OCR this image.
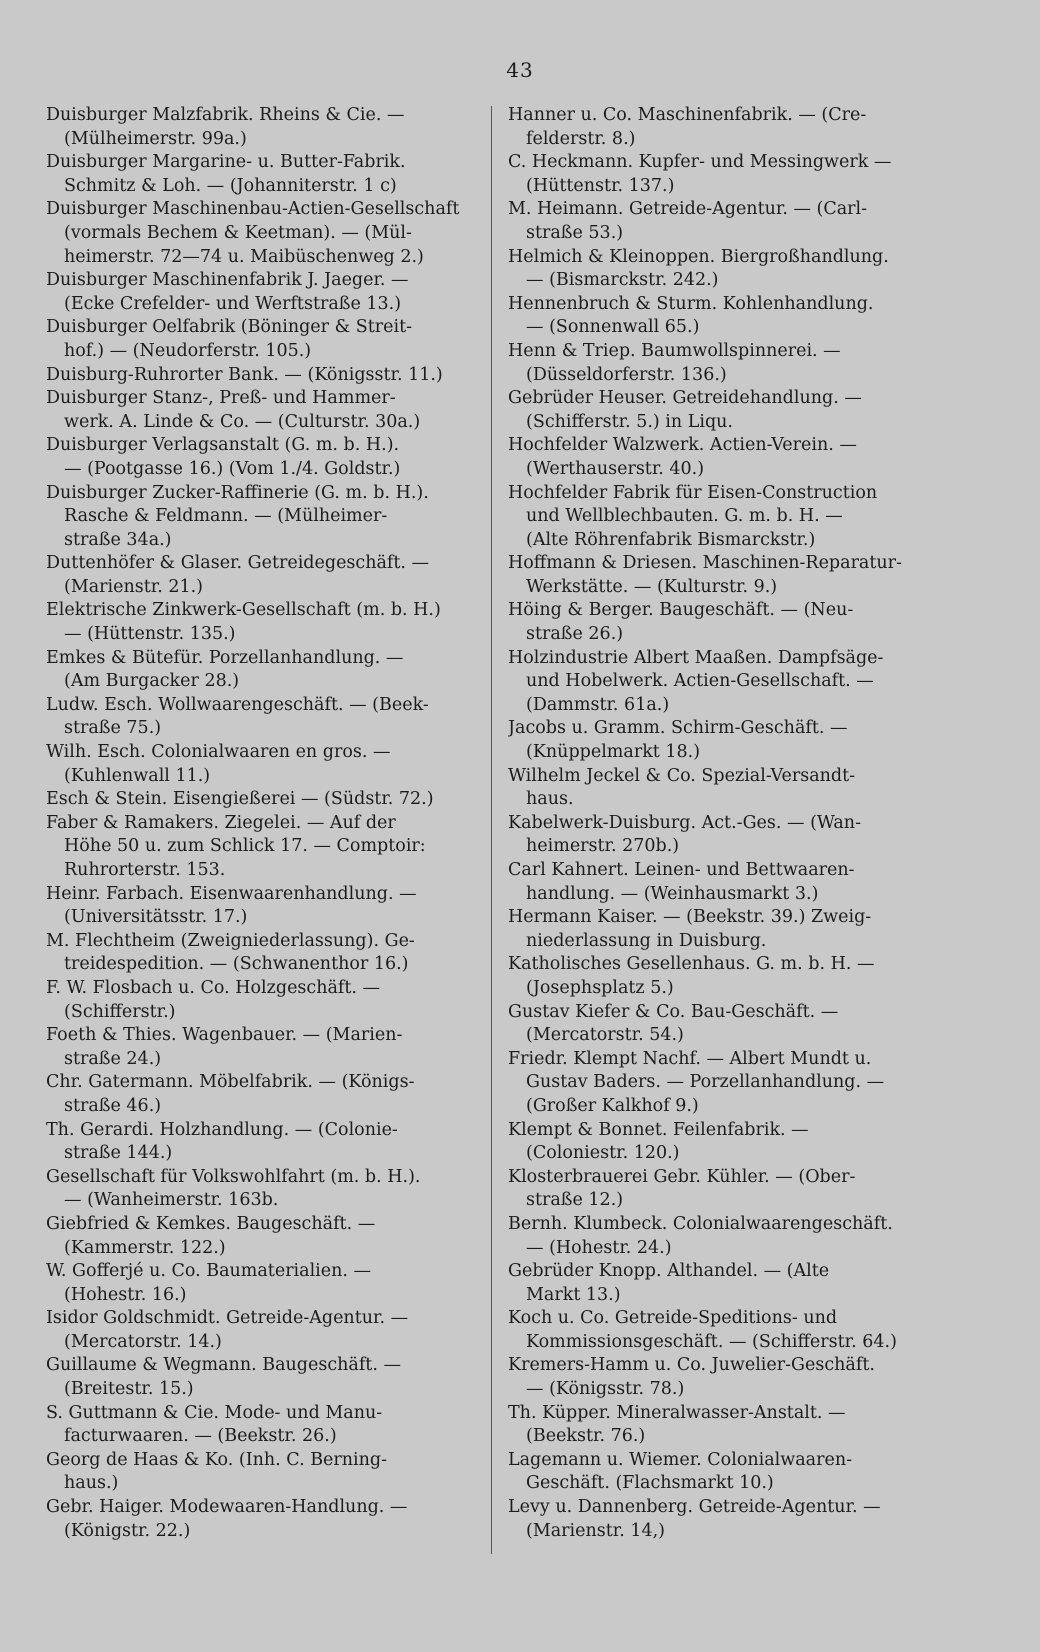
43
Duisburger Malzfabrik. Rheins & Cie. —
(Mülheimerstr. 99a.)
Duisburger Margarine- u. Butter-Fabrik.
Schmitz & Loh. — (Johanniterstr. 1 c)
Duisburger Maschinenbau-Actien-Gesellschaft
(vormals Bechem & Keetman). — (Mül-
heimerstr. 72—74 u. Maibüschenweg 2.)
Duisburger Maschinenfabrik J. Jaeger. —
(Ecke Crefelder- und Werftstraße 13.)
Duisburger Oelfabrik (Böninger & Streit-
hof.) — (Neudorferstr. 105.)
Duisburg-Ruhrorter Bank. — (Königsstr. 11.)
Duisburger Stanz-, Preß- und Hammer-
werk. A. Linde & Co. — (Culturstr. 30a.)
Duisburger Verlagsanstalt (G. m. b. H.).
— (Pootgasse 16.) (Vom 1./4. Goldstr.)
Duisburger Zucker-Raffinerie (G. m. b. H.).
Rasche & Feldmann. — (Mülheimer-
straße 34a.)
Duttenhöfer & Glaser. Getreidegeschäft. —
(Marienstr. 21.)
Elektrische Zinkwerk-Gesellschaft (m. b. H.)
— (Hüttenstr. 135.)
Emkes & Bütefür. Porzellanhandlung. —
(Am Burgacker 28.)
Ludw. Esch. Wollwaarengeschäft. — (Beek-
straße 75.)
Wilh. Esch. Colonialwaaren en gros. —
(Kuhlenwall 11.)
Esch & Stein. Eisengießerei — (Südstr. 72.)
Faber & Ramakers. Ziegelei. — Auf der
Höhe 50 u. zum Schlick 17. — Comptoir:
Ruhrorterstr. 153.
Heinr. Farbach. Eisenwaarenhandlung. —
(Universitätsstr. 17.)
M. Flechtheim (Zweigniederlassung). Ge-
treidespedition. — (Schwanenthor 16.)
F. W. Flosbach u. Co. Holzgeschäft. —
(Schifferstr.)
Foeth & Thies. Wagenbauer. — (Marien-
straße 24.)
Chr. Gatermann. Möbelfabrik. — (Königs-
straße 46.)
Th. Gerardi. Holzhandlung. — (Colonie-
straße 144.)
Gesellschaft für Volkswohlfahrt (m. b. H.).
— (Wanheimerstr. 163b.
Giebfried & Kemkes. Baugeschäft. —
(Kammerstr. 122.)
W. Gofferjé u. Co. Baumaterialien. —
(Hohestr. 16.)
Isidor Goldschmidt. Getreide-Agentur. —
(Mercatorstr. 14.)
Guillaume & Wegmann. Baugeschäft. —
(Breitestr. 15.)
S. Guttmann & Cie. Mode- und Manu-
facturwaaren. — (Beekstr. 26.)
Georg de Haas & Ko. (Inh. C. Berning-
haus.)
Gebr. Haiger. Modewaaren-Handlung. —
(Königstr. 22.)
Hanner u. Co. Maschinenfabrik. — (Cre-
felderstr. 8.)
C. Heckmann. Kupfer- und Messingwerk —
(Hüttenstr. 137.)
M. Heimann. Getreide-Agentur. — (Carl-
straße 53.)
Helmich & Kleinoppen. Biergroßhandlung.
— (Bismarckstr. 242.)
Hennenbruch & Sturm. Kohlenhandlung.
— (Sonnenwall 65.)
Henn & Triep. Baumwollspinnerei. —
(Düsseldorferstr. 136.)
Gebrüder Heuser. Getreidehandlung. —
(Schifferstr. 5.) in Liqu.
Hochfelder Walzwerk. Actien-Verein. —
(Werthauserstr. 40.)
Hochfelder Fabrik für Eisen-Construction
und Wellblechbauten. G. m. b. H. —
(Alte Röhrenfabrik Bismarckstr.)
Hoffmann & Driesen. Maschinen-Reparatur-
Werkstätte. — (Kulturstr. 9.)
Höing & Berger. Baugeschäft. — (Neu-
straße 26.)
Holzindustrie Albert Maaßen. Dampfsäge-
und Hobelwerk. Actien-Gesellschaft. —
(Dammstr. 61a.)
Jacobs u. Gramm. Schirm-Geschäft. —
(Knüppelmarkt 18.)
Wilhelm Jeckel & Co. Spezial-Versandt-
haus.
Kabelwerk-Duisburg. Act.-Ges. — (Wan-
heimerstr. 270b.)
Carl Kahnert. Leinen- und Bettwaaren-
handlung. — (Weinhausmarkt 3.)
Hermann Kaiser. — (Beekstr. 39.) Zweig-
niederlassung in Duisburg.
Katholisches Gesellenhaus. G. m. b. H. —
(Josephsplatz 5.)
Gustav Kiefer & Co. Bau-Geschäft. —
(Mercatorstr. 54.)
Friedr. Klempt Nachf. — Albert Mundt u.
Gustav Baders. — Porzellanhandlung. —
(Großer Kalkhof 9.)
Klempt & Bonnet. Feilenfabrik. —
(Coloniestr. 120.)
Klosterbrauerei Gebr. Kühler. — (Ober-
straße 12.)
Bernh. Klumbeck. Colonialwaarengeschäft.
— (Hohestr. 24.)
Gebrüder Knopp. Althandel. — (Alte
Markt 13.)
Koch u. Co. Getreide-Speditions- und
Kommissionsgeschäft. — (Schifferstr. 64.)
Kremers-Hamm u. Co. Juwelier-Geschäft.
— (Königsstr. 78.)
Th. Küpper. Mineralwasser-Anstalt. —
(Beekstr. 76.)
Lagemann u. Wiemer. Colonialwaaren-
Geschäft. (Flachsmarkt 10.)
Levy u. Dannenberg. Getreide-Agentur. —
(Marienstr. 14,)
